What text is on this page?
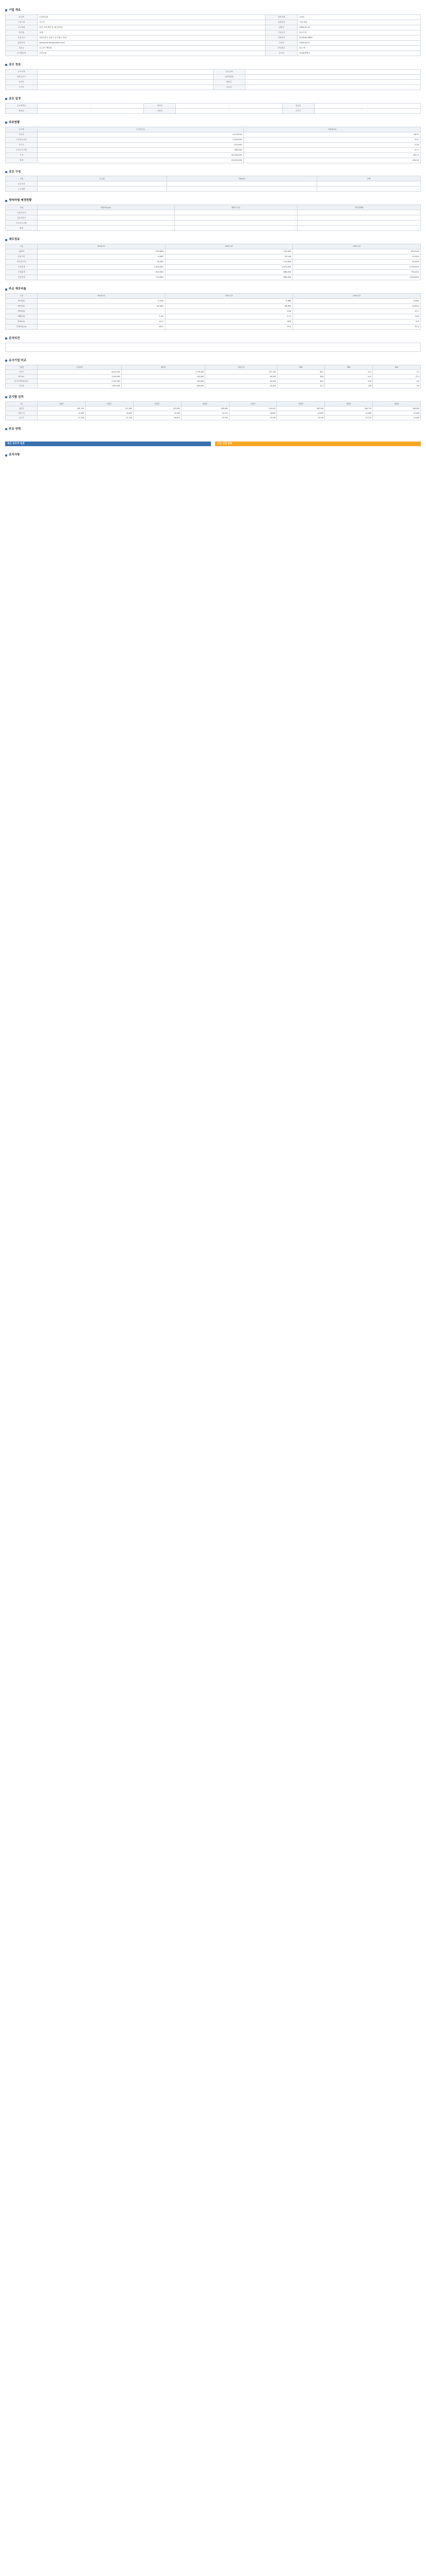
기업 개요
회사명	(주)에스엠	대표자명	김성수
시장구분	코스닥	업종분류	오락,문화
주요제품	음반 기획·제작 및 매니지먼트	설립일	1995.02.14
결산월	12월	기업규모	중소기업
본점주소	서울특별시 강남구 압구정로 79길	전화번호	02-6240-9800
홈페이지	www.smentertainment.com	상장일	2000.04.27
자본금	11,727 백만원	종업원수	511 명
주거래은행	신한은행	감사인	삼정회계법인
공모 정보
공모가액	-	공모금액	-
희망공모가	-	청약경쟁률	-
청약일	-	환불일	-
주간사	-	납입일	-
공모 일정
수요예측일	-	청약일	-	납입일	-
환불일	-	상장일	-	주간사	-
주주현황
주주명	주식수(주)	지분율(%)
이수만	4,220,000	18.00
국민연금공단	2,320,000	9.91
자사주	512,000	2.18
우리사주조합	180,000	0.77
기타	16,190,000	69.14
합계	23,422,000	100.00
공모 구성
구분	주식수	비율(%)	금액
신주모집	-	-	-
구주매출	-	-	-
청약자별 배정현황
구분	배정비율(%)	배정주식수	청약경쟁률
기관투자자	-	-	-
일반청약자	-	-	-
우리사주조합	-	-	-
합계	-	-	-
재무정보
구분	2020.12	2021.12	2022.12
매출액	579,838	702,055	853,000
영업이익	6,563	79,140	91,000
당기순이익	-74,550	131,640	83,000
자산총계	1,323,000	1,512,000	1,705,000
부채총계	610,000	648,000	702,000
자본총계	713,000	864,000	1,003,000
주요 재무비율
구분	2020.12	2021.12	2022.12
EPS(원)	-2,916	5,480	3,540
BPS(원)	30,440	36,890	42,820
PER(배)	-	14.6	22.1
PBR(배)	1.45	2.17	1.83
ROE(%)	-10.4	16.8	8.9
부채비율(%)	85.6	75.0	70.0
분석의견
유사기업 비교
기업명	시가총액	매출액	영업이익	PER	PBR	ROE
하이브	8,412,000	1,776,200	237,700	65.2	3.21	5.1
JYP Ent.	3,245,000	345,900	96,500	36.8	9.12	27.4
와이지엔터테인먼트	1,025,000	391,000	46,000	28.5	1.92	6.9
에스엠	1,870,000	853,000	91,000	22.1	1.83	8.9
분기별 실적
구분	1Q22	2Q22	3Q22	4Q22	1Q23	2Q23	3Q23	4Q23
매출액	181,310	211,580	231,630	228,480	214,020	267,240	264,710	248,000
영업이익	22,560	24,050	23,180	21,210	18,850	41,630	41,060	32,000
순이익	12,330	21,100	26,870	22,700	15,330	33,310	27,210	24,000
주요 연혁
최근 공모주 일정	신규 상장 종목
공지사항
